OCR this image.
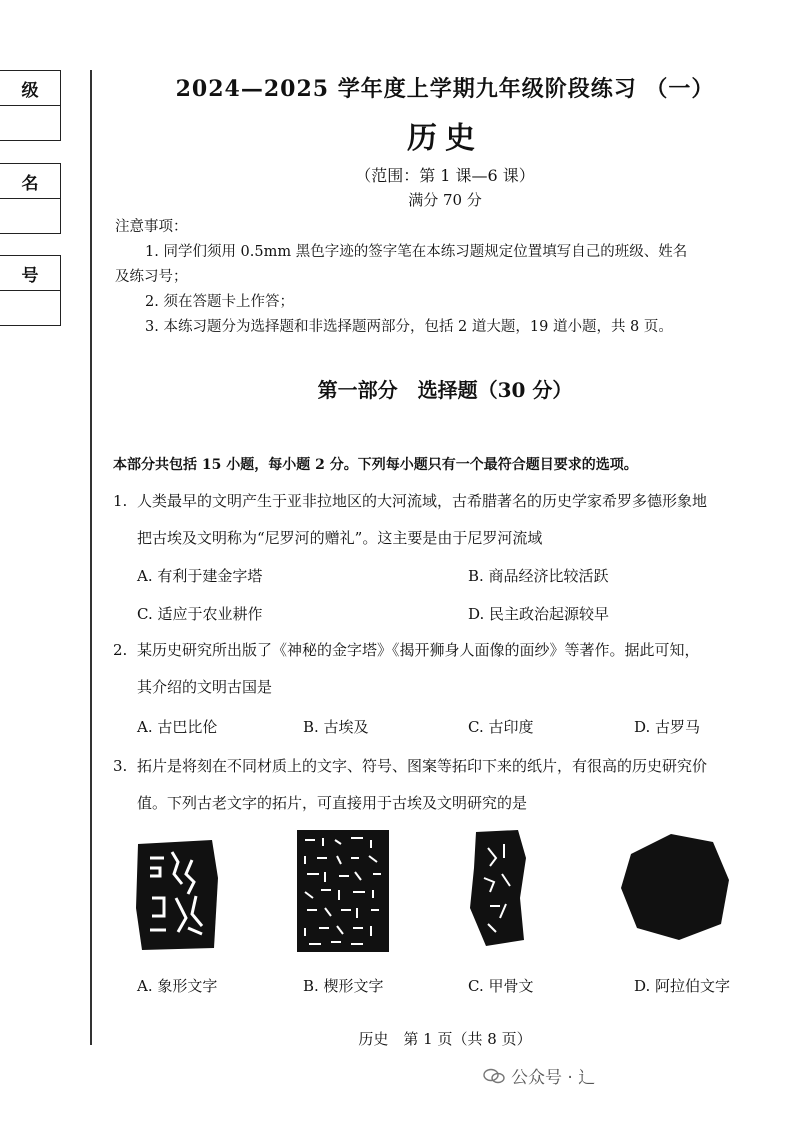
级
名
号
2024—2025 学年度上学期九年级阶段练习 （一）
历史
（范围：第 1 课—6 课）
满分 70 分
注意事项：
1. 同学们须用 0.5mm 黑色字迹的签字笔在本练习题规定位置填写自己的班级、姓名
及练习号；
2. 须在答题卡上作答；
3. 本练习题分为选择题和非选择题两部分，包括 2 道大题，19 道小题，共 8 页。
第一部分　选择题（30 分）
本部分共包括 15 小题，每小题 2 分。下列每小题只有一个最符合题目要求的选项。
1. 人类最早的文明产生于亚非拉地区的大河流域，古希腊著名的历史学家希罗多德形象地
把古埃及文明称为“尼罗河的赠礼”。这主要是由于尼罗河流域
A. 有利于建金字塔	B. 商品经济比较活跃
C. 适应于农业耕作	D. 民主政治起源较早
2. 某历史研究所出版了《神秘的金字塔》《揭开狮身人面像的面纱》等著作。据此可知，
其介绍的文明古国是
A. 古巴比伦	B. 古埃及	C. 古印度	D. 古罗马
3. 拓片是将刻在不同材质上的文字、符号、图案等拓印下来的纸片，有很高的历史研究价
值。下列古老文字的拓片，可直接用于古埃及文明研究的是
A. 象形文字	B. 楔形文字	C. 甲骨文	D. 阿拉伯文字
历史　第 1 页（共 8 页）
公众号 · 辶
